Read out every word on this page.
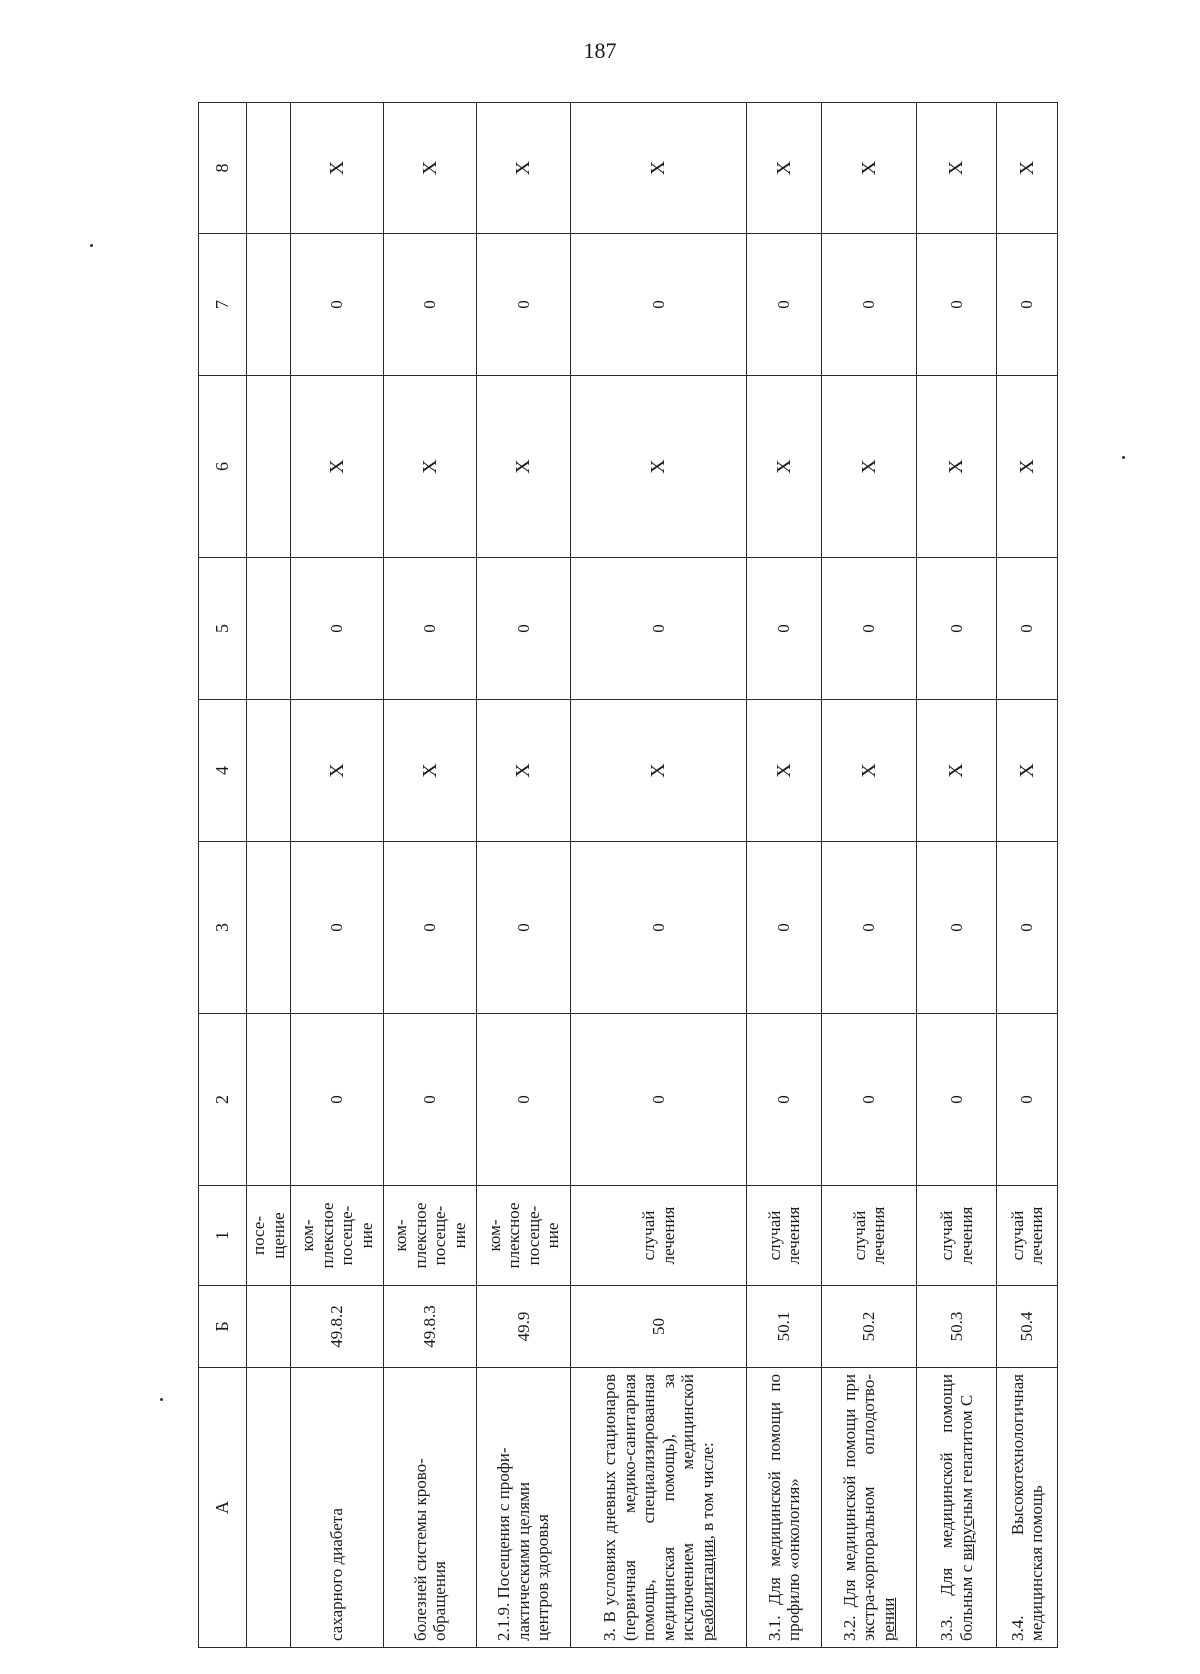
187
А	Б	1	2	3	4	5	6	7	8
		посе-
щение							
сахарного диабета	49.8.2	ком-
плексное
посеще-
ние	0	0	X	0	X	0	X
болезней системы крово-
обращения	49.8.3	ком-
плексное
посеще-
ние	0	0	X	0	X	0	X
2.1.9. Посещения с профи-
лактическими целями
центров здоровья	49.9	ком-
плексное
посеще-
ние	0	0	X	0	X	0	X
3. В условиях дневных стационаров (первичная медико-санитарная помощь, специализированная медицинская помощь), за исключением медицинской реабилитации, в том числе:	50	случай
лечения	0	0	X	0	X	0	X
3.1. Для медицинской помощи по профилю «онкология»	50.1	случай
лечения	0	0	X	0	X	0	X
3.2. Для медицинской помощи при экстра-корпоральном оплодотво-рении	50.2	случай
лечения	0	0	X	0	X	0	X
3.3. Для медицинской помощи больным с вирусным гепатитом С	50.3	случай
лечения	0	0	X	0	X	0	X
3.4. Высокотехнологичная медицинская помощь	50.4	случай
лечения	0	0	X	0	X	0	X
